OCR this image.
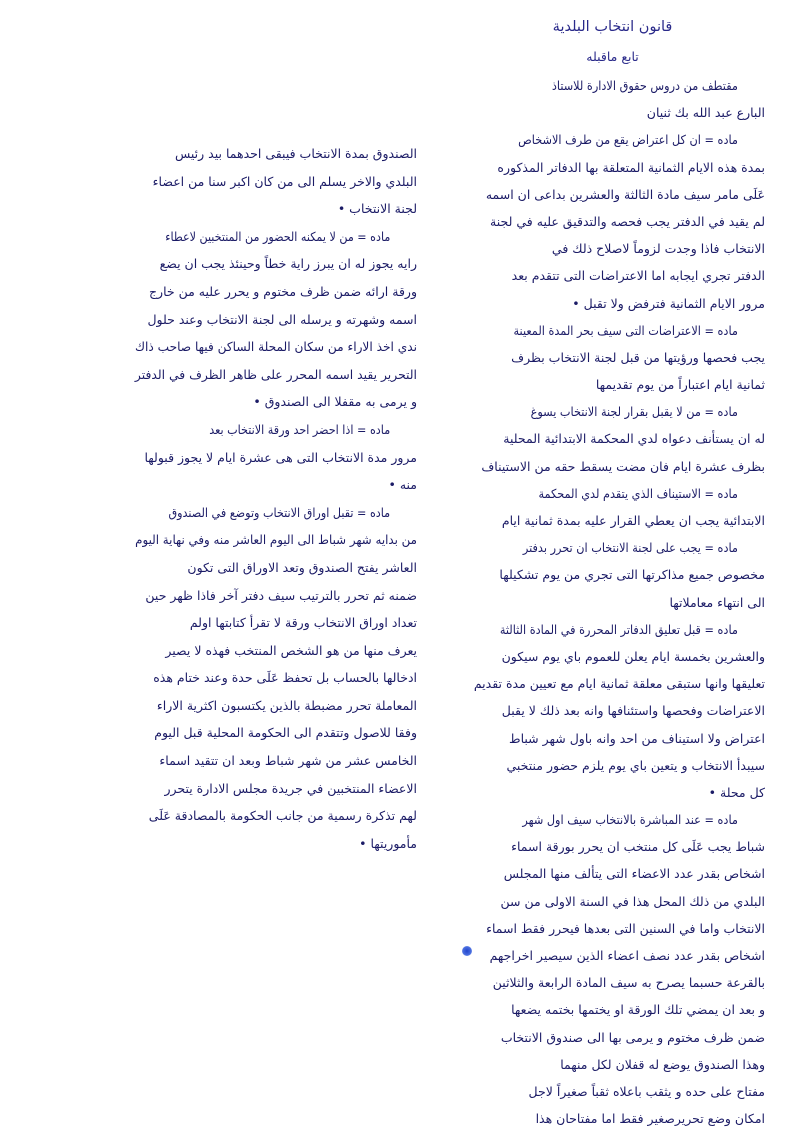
قانون انتخاب البلدية
تابع ماقبله
مقتطف من دروس حقوق الادارة للاستاذ
البارع عبد الله بك ثنيان
ماده = ان كل اعتراض يقع من طرف الاشخاص
بمدة هذه الايام الثمانية المتعلقة بها الدفاتر المذكوره
عَلَى مامر سيف مادة الثالثة والعشرين بداعى ان اسمه
لم يقيد في الدفتر يجب فحصه والتدقيق عليه في لجنة
الانتخاب فاذا وجدت لزوماً لاصلاح ذلك في
الدفتر تجري ايجابه اما الاعتراضات التى تتقدم بعد
مرور الايام الثمانية فترفض ولا تقبل •
ماده = الاعتراضات التى سيف بحر المدة المعينة
يجب فحصها ورؤيتها من قبل لجنة الانتخاب بظرف
ثمانية ايام اعتباراً من يوم تقديمها
ماده = من لا يقبل بقرار لجنة الانتخاب يسوغ
له ان يستأنف دعواه لدي المحكمة الابتدائية المحلية
بظرف عشرة ايام فان مضت يسقط حقه من الاستيناف
ماده = الاستيناف الذي يتقدم لدي المحكمة
الابتدائية يجب ان يعطي القرار عليه بمدة ثمانية ايام
ماده = يجب على لجنة الانتخاب ان تحرر بدفتر
مخصوص جميع مذاكرتها التى تجري من يوم تشكيلها
الى انتهاء معاملاتها
ماده = قبل تعليق الدفاتر المحررة في المادة الثالثة
والعشرين بخمسة ايام يعلن للعموم باي يوم سيكون
تعليقها وانها ستبقى معلقة ثمانية ايام مع تعيين مدة تقديم
الاعتراضات وفحصها واستئنافها وانه بعد ذلك لا يقبل
اعتراض ولا استيناف من احد وانه باول شهر شباط
سيبدأ الانتخاب و يتعين باي يوم يلزم حضور منتخبي
كل محلة •
ماده = عند المباشرة بالانتخاب سيف اول شهر
شباط يجب عَلَى كل منتخب ان يحرر بورقة اسماء
اشخاص بقدر عدد الاعضاء التى يتألف منها المجلس
البلدي من ذلك المحل هذا في السنة الاولى من سن
الانتخاب واما في السنين التى بعدها فيحرر فقط اسماء
اشخاص بقدر عدد نصف اعضاء الذين سيصير اخراجهم
بالقرعة حسبما يصرح به سيف المادة الرابعة والثلاثين
و بعد ان يمضي تلك الورقة او يختمها بختمه يضعها
ضمن ظرف مختوم و يرمى بها الى صندوق الانتخاب
وهذا الصندوق يوضع له قفلان لكل منهما
مفتاح على حده و يثقب باعلاه ثقباً صغيراً لاجل
امكان وضع تحريرصغير فقط اما مفتاحان هذا
الصندوق بمدة الانتخاب فيبقى احدهما بيد رئيس
البلدي والاخر يسلم الى من كان اكبر سنا من اعضاء
لجنة الانتخاب •
ماده = من لا يمكنه الحضور من المنتخبين لاعطاء
رايه يجوز له ان يبرز راية خطاً وحينئذ يجب ان يضع
ورقة ارائه ضمن ظرف مختوم و يحرر عليه من خارج
اسمه وشهرته و يرسله الى لجنة الانتخاب وعند حلول
ندي اخذ الاراء من سكان المحلة الساكن فيها صاحب ذاك
التحرير يقيد اسمه المحرر على ظاهر الظرف في الدفتر
و يرمى به مقفلا الى الصندوق •
ماده = اذا احضر احد ورقة الانتخاب بعد
مرور مدة الانتخاب التى هى عشرة ايام لا يجوز قبولها
منه •
ماده = تقبل اوراق الانتخاب وتوضع في الصندوق
من بدايه شهر شباط الى اليوم العاشر منه وفي نهاية اليوم
العاشر يفتح الصندوق وتعد الاوراق التى تكون
ضمنه ثم تحرر بالترتيب سيف دفتر آخر فاذا ظهر حين
تعداد اوراق الانتخاب ورقة لا تقرأ كتابتها اولم
يعرف منها من هو الشخص المنتخب فهذه لا يصير
ادخالها بالحساب بل تحفظ عَلَى حدة وعند ختام هذه
المعاملة تحرر مضبطة بالذين يكتسبون اكثرية الاراء
وفقا للاصول وتتقدم الى الحكومة المحلية قبل اليوم
الخامس عشر من شهر شباط وبعد ان تتقيد اسماء
الاعضاء المنتخبين في جريدة مجلس الادارة يتحرر
لهم تذكرة رسمية من جانب الحكومة بالمصادقة عَلَى
مأموريتها •
